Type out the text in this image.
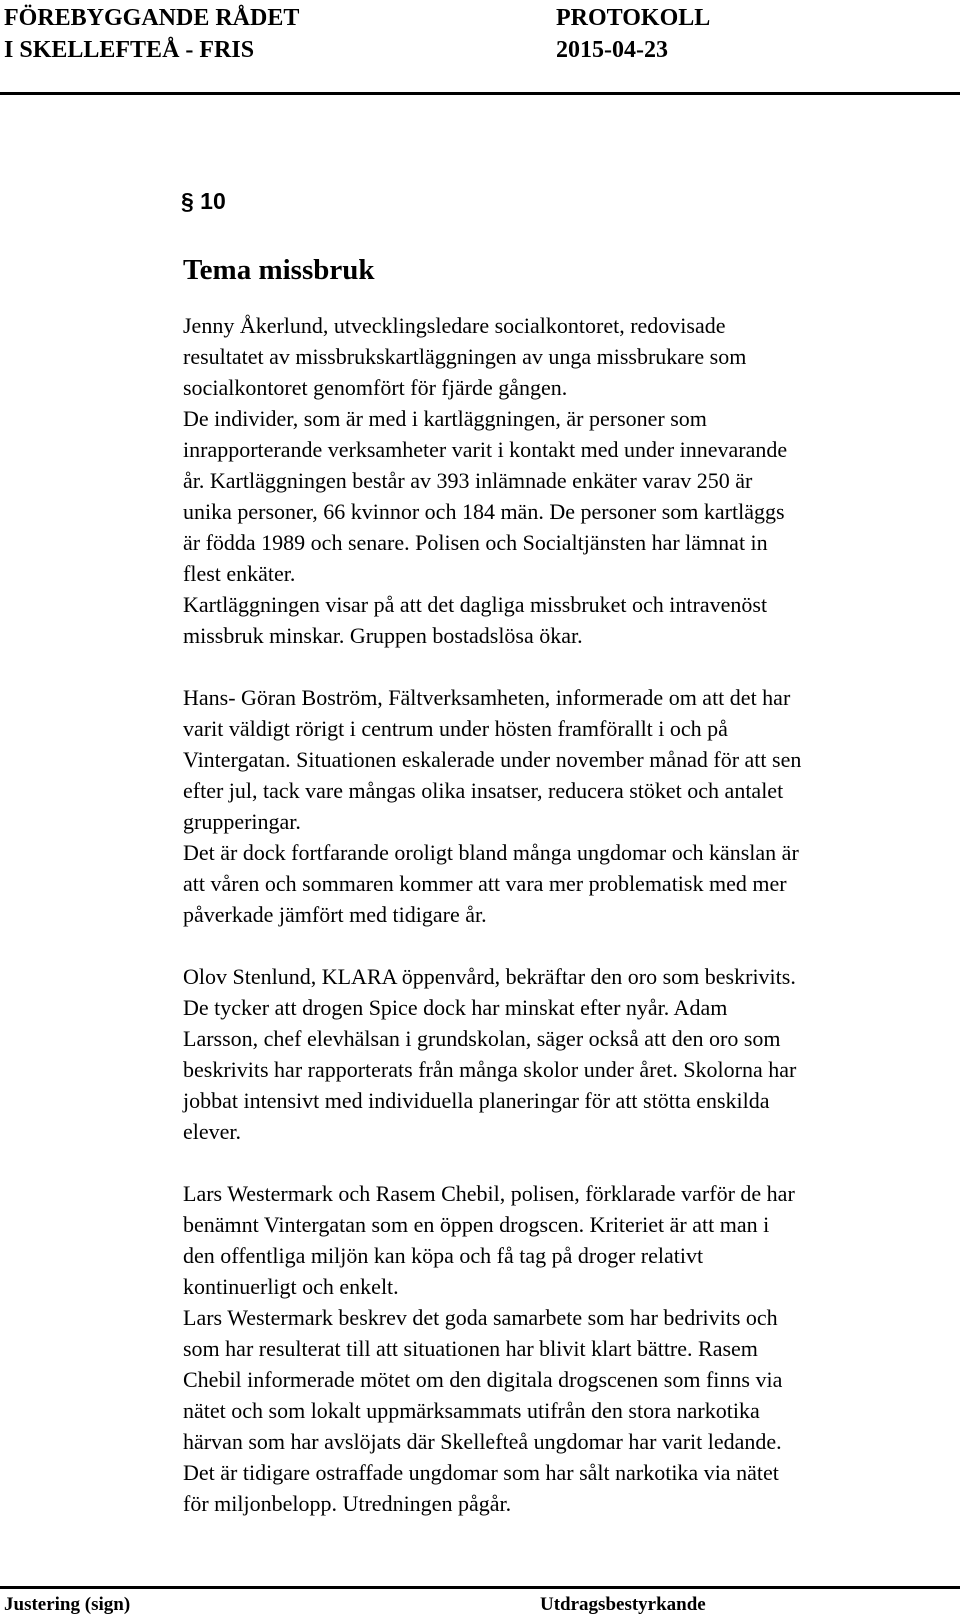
FÖREBYGGANDE RÅDET
I SKELLEFTEÅ - FRIS
PROTOKOLL
2015-04-23
§ 10
Tema missbruk

Jenny Åkerlund, utvecklingsledare socialkontoret, redovisade
resultatet av missbrukskartläggningen av unga missbrukare som
socialkontoret genomfört för fjärde gången.
De individer, som är med i kartläggningen, är personer som
inrapporterande verksamheter varit i kontakt med under innevarande
år. Kartläggningen består av 393 inlämnade enkäter varav 250 är
unika personer, 66 kvinnor och 184 män. De personer som kartläggs
är födda 1989 och senare. Polisen och Socialtjänsten har lämnat in
flest enkäter.
Kartläggningen visar på att det dagliga missbruket och intravenöst
missbruk minskar. Gruppen bostadslösa ökar.

Hans- Göran Boström, Fältverksamheten, informerade om att det har
varit väldigt rörigt i centrum under hösten framförallt i och på
Vintergatan. Situationen eskalerade under november månad för att sen
efter jul, tack vare mångas olika insatser, reducera stöket och antalet
grupperingar.
Det är dock fortfarande oroligt bland många ungdomar och känslan är
att våren och sommaren kommer att vara mer problematisk med mer
påverkade jämfört med tidigare år.

Olov Stenlund, KLARA öppenvård, bekräftar den oro som beskrivits.
De tycker att drogen Spice dock har minskat efter nyår. Adam
Larsson, chef elevhälsan i grundskolan, säger också att den oro som
beskrivits har rapporterats från många skolor under året. Skolorna har
jobbat intensivt med individuella planeringar för att stötta enskilda
elever.

Lars Westermark och Rasem Chebil, polisen, förklarade varför de har
benämnt Vintergatan som en öppen drogscen. Kriteriet är att man i
den offentliga miljön kan köpa och få tag på droger relativt
kontinuerligt och enkelt.
Lars Westermark beskrev det goda samarbete som har bedrivits och
som har resulterat till att situationen har blivit klart bättre. Rasem
Chebil informerade mötet om den digitala drogscenen som finns via
nätet och som lokalt uppmärksammats utifrån den stora narkotika
härvan som har avslöjats där Skellefteå ungdomar har varit ledande.
Det är tidigare ostraffade ungdomar som har sålt narkotika via nätet
för miljonbelopp. Utredningen pågår.

Justering (sign)	Utdragsbestyrkande
